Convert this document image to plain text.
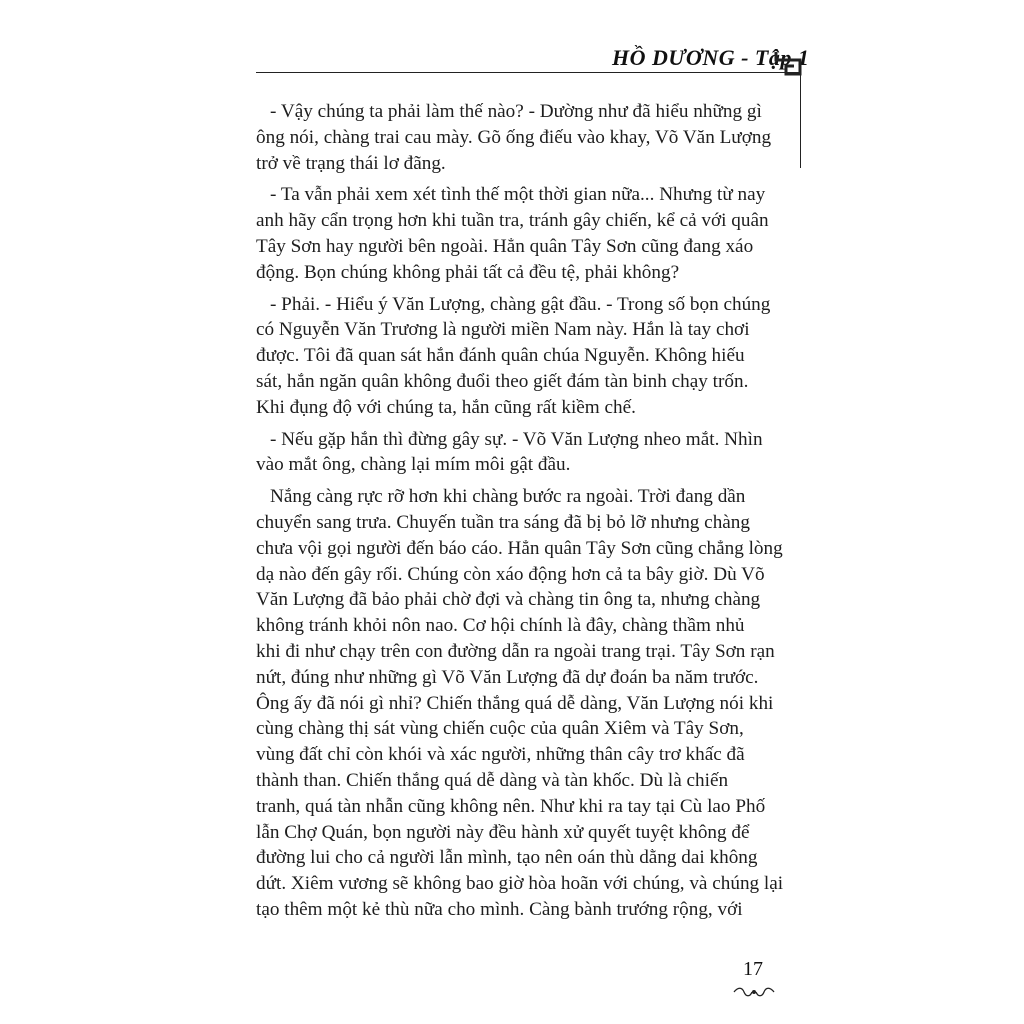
HỒ DƯƠNG - Tập 1

- Vậy chúng ta phải làm thế nào? - Dường như đã hiểu những gì
ông nói, chàng trai cau mày. Gõ ống điếu vào khay, Võ Văn Lượng
trở về trạng thái lơ đãng.

- Ta vẫn phải xem xét tình thế một thời gian nữa... Nhưng từ nay
anh hãy cẩn trọng hơn khi tuần tra, tránh gây chiến, kể cả với quân
Tây Sơn hay người bên ngoài. Hẳn quân Tây Sơn cũng đang xáo
động. Bọn chúng không phải tất cả đều tệ, phải không?

- Phải. - Hiểu ý Văn Lượng, chàng gật đầu. - Trong số bọn chúng
có Nguyễn Văn Trương là người miền Nam này. Hắn là tay chơi
được. Tôi đã quan sát hắn đánh quân chúa Nguyễn. Không hiếu
sát, hắn ngăn quân không đuổi theo giết đám tàn binh chạy trốn.
Khi đụng độ với chúng ta, hắn cũng rất kiềm chế.

- Nếu gặp hắn thì đừng gây sự. - Võ Văn Lượng nheo mắt. Nhìn
vào mắt ông, chàng lại mím môi gật đầu.

Nắng càng rực rỡ hơn khi chàng bước ra ngoài. Trời đang dần
chuyển sang trưa. Chuyến tuần tra sáng đã bị bỏ lỡ nhưng chàng
chưa vội gọi người đến báo cáo. Hẳn quân Tây Sơn cũng chẳng lòng
dạ nào đến gây rối. Chúng còn xáo động hơn cả ta bây giờ. Dù Võ
Văn Lượng đã bảo phải chờ đợi và chàng tin ông ta, nhưng chàng
không tránh khỏi nôn nao. Cơ hội chính là đây, chàng thầm nhủ
khi đi như chạy trên con đường dẫn ra ngoài trang trại. Tây Sơn rạn
nứt, đúng như những gì Võ Văn Lượng đã dự đoán ba năm trước.
Ông ấy đã nói gì nhỉ? Chiến thắng quá dễ dàng, Văn Lượng nói khi
cùng chàng thị sát vùng chiến cuộc của quân Xiêm và Tây Sơn,
vùng đất chỉ còn khói và xác người, những thân cây trơ khấc đã
thành than. Chiến thắng quá dễ dàng và tàn khốc. Dù là chiến
tranh, quá tàn nhẫn cũng không nên. Như khi ra tay tại Cù lao Phố
lẫn Chợ Quán, bọn người này đều hành xử quyết tuyệt không để
đường lui cho cả người lẫn mình, tạo nên oán thù dằng dai không
dứt. Xiêm vương sẽ không bao giờ hòa hoãn với chúng, và chúng lại
tạo thêm một kẻ thù nữa cho mình. Càng bành trướng rộng, với

17
